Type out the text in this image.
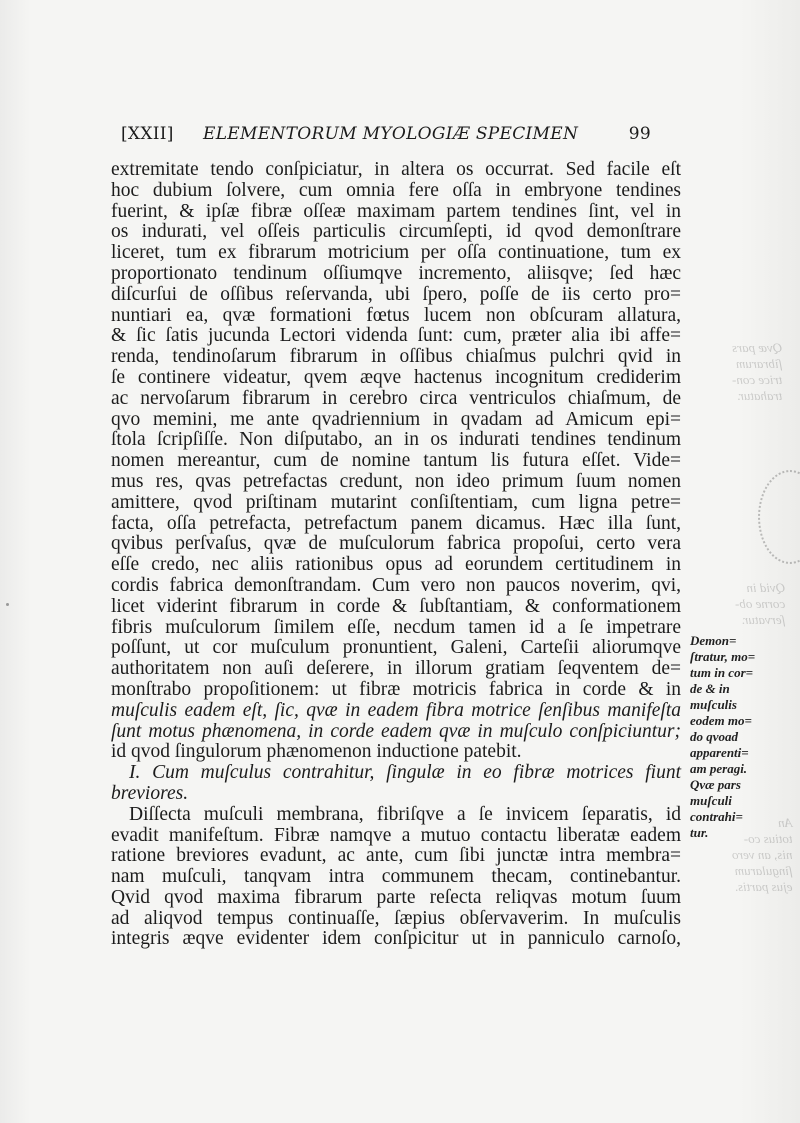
Qvæ pars
ſibrarum
trice con-
trahatur.
Qvid in
corne ob-
ſervatur.
An
totius co-
nis, an vero
ſingularum
ejus partis.
[XXII] ELEMENTORUM MYOLOGIÆ SPECIMEN	99
extremitate tendo conſpiciatur, in altera os occurrat. Sed facile eſt
hoc dubium ſolvere, cum omnia fere oſſa in embryone tendines
fuerint, & ipſæ fibræ oſſeæ maximam partem tendines ſint, vel in
os indurati, vel oſſeis particulis circumſepti, id qvod demonſtrare
liceret, tum ex fibrarum motricium per oſſa continuatione, tum ex
proportionato tendinum oſſiumqve incremento, aliisqve; ſed hæc
diſcurſui de oſſibus reſervanda, ubi ſpero, poſſe de iis certo pro=
nuntiari ea, qvæ formationi fœtus lucem non obſcuram allatura,
& ſic ſatis jucunda Lectori videnda ſunt: cum, præter alia ibi affe=
renda, tendinoſarum fibrarum in oſſibus chiaſmus pulchri qvid in
ſe continere videatur, qvem æqve hactenus incognitum crediderim
ac nervoſarum fibrarum in cerebro circa ventriculos chiaſmum, de
qvo memini, me ante qvadriennium in qvadam ad Amicum epi=
ſtola ſcripſiſſe. Non diſputabo, an in os indurati tendines tendinum
nomen mereantur, cum de nomine tantum lis futura eſſet. Vide=
mus res, qvas petrefactas credunt, non ideo primum ſuum nomen
amittere, qvod priſtinam mutarint conſiſtentiam, cum ligna petre=
facta, oſſa petrefacta, petrefactum panem dicamus. Hæc illa ſunt,
qvibus perſvaſus, qvæ de muſculorum fabrica propoſui, certo vera
eſſe credo, nec aliis rationibus opus ad eorundem certitudinem in
cordis fabrica demonſtrandam. Cum vero non paucos noverim, qvi,
licet viderint fibrarum in corde & ſubſtantiam, & conformationem
fibris muſculorum ſimilem eſſe, necdum tamen id a ſe impetrare
poſſunt, ut cor muſculum pronuntient, Galeni, Carteſii aliorumqve
authoritatem non auſi deſerere, in illorum gratiam ſeqventem de=
monſtrabo propoſitionem: ut fibræ motricis fabrica in corde & in
muſculis eadem eſt, ſic, qvæ in eadem fibra motrice ſenſibus manifeſta
ſunt motus phænomena, in corde eadem qvæ in muſculo conſpiciuntur;
id qvod ſingulorum phænomenon inductione patebit.
I. Cum muſculus contrahitur, ſingulæ in eo fibræ motrices fiunt
breviores.
Diſſecta muſculi membrana, fibriſqve a ſe invicem ſeparatis, id
evadit manifeſtum. Fibræ namqve a mutuo contactu liberatæ eadem
ratione breviores evadunt, ac ante, cum ſibi junctæ intra membra=
nam muſculi, tanqvam intra communem thecam, continebantur.
Qvid qvod maxima fibrarum parte reſecta reliqvas motum ſuum
ad aliqvod tempus continuaſſe, ſæpius obſervaverim. In muſculis
integris æqve evidenter idem conſpicitur ut in panniculo carnoſo,
Demon=
ſtratur, mo=
tum in cor=
de & in
muſculis
eodem mo=
do qvoad
apparenti=
am peragi.
Qvæ pars
muſculi
contrahi=
tur.
